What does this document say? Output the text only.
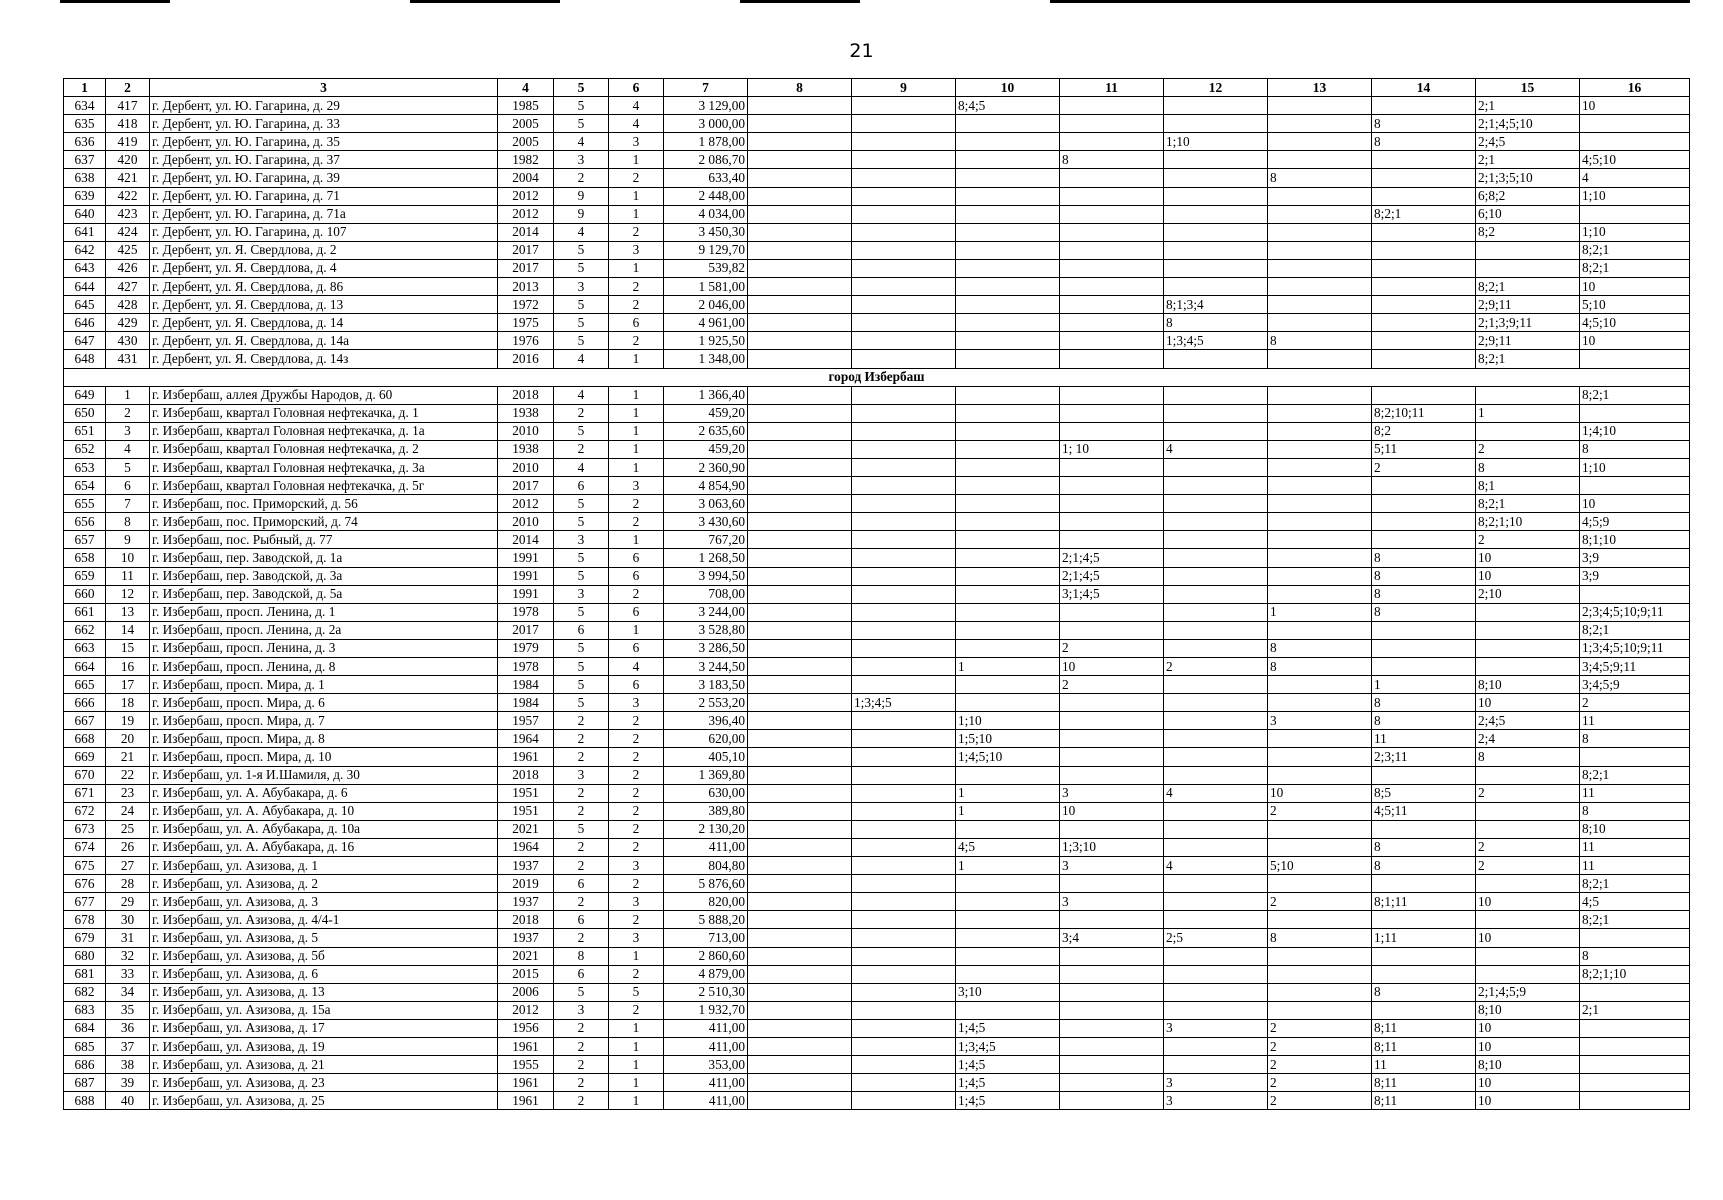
21
1	2	3	4	5	6	7	8	9	10	11	12	13	14	15	16
634	417	г. Дербент, ул. Ю. Гагарина, д. 29	1985	5	4	3 129,00			8;4;5					2;1	10
635	418	г. Дербент, ул. Ю. Гагарина, д. 33	2005	5	4	3 000,00							8	2;1;4;5;10	
636	419	г. Дербент, ул. Ю. Гагарина, д. 35	2005	4	3	1 878,00					1;10		8	2;4;5	
637	420	г. Дербент, ул. Ю. Гагарина, д. 37	1982	3	1	2 086,70				8				2;1	4;5;10
638	421	г. Дербент, ул. Ю. Гагарина, д. 39	2004	2	2	633,40						8		2;1;3;5;10	4
639	422	г. Дербент, ул. Ю. Гагарина, д. 71	2012	9	1	2 448,00								6;8;2	1;10
640	423	г. Дербент, ул. Ю. Гагарина, д. 71а	2012	9	1	4 034,00							8;2;1	6;10	
641	424	г. Дербент, ул. Ю. Гагарина, д. 107	2014	4	2	3 450,30								8;2	1;10
642	425	г. Дербент, ул. Я. Свердлова, д. 2	2017	5	3	9 129,70									8;2;1
643	426	г. Дербент, ул. Я. Свердлова, д. 4	2017	5	1	539,82									8;2;1
644	427	г. Дербент, ул. Я. Свердлова, д. 86	2013	3	2	1 581,00								8;2;1	10
645	428	г. Дербент, ул. Я. Свердлова, д. 13	1972	5	2	2 046,00					8;1;3;4			2;9;11	5;10
646	429	г. Дербент, ул. Я. Свердлова, д. 14	1975	5	6	4 961,00					8			2;1;3;9;11	4;5;10
647	430	г. Дербент, ул. Я. Свердлова, д. 14а	1976	5	2	1 925,50					1;3;4;5	8		2;9;11	10
648	431	г. Дербент, ул. Я. Свердлова, д. 14з	2016	4	1	1 348,00								8;2;1	
город Избербаш															
649	1	г. Избербаш, аллея Дружбы Народов, д. 60	2018	4	1	1 366,40									8;2;1
650	2	г. Избербаш, квартал Головная нефтекачка, д. 1	1938	2	1	459,20							8;2;10;11	1	
651	3	г. Избербаш, квартал Головная нефтекачка, д. 1а	2010	5	1	2 635,60							8;2		1;4;10
652	4	г. Избербаш, квартал Головная нефтекачка, д. 2	1938	2	1	459,20				1; 10	4		5;11	2	8
653	5	г. Избербаш, квартал Головная нефтекачка, д. 3а	2010	4	1	2 360,90							2	8	1;10
654	6	г. Избербаш, квартал Головная нефтекачка, д. 5г	2017	6	3	4 854,90								8;1	
655	7	г. Избербаш, пос. Приморский, д. 56	2012	5	2	3 063,60								8;2;1	10
656	8	г. Избербаш, пос. Приморский, д. 74	2010	5	2	3 430,60								8;2;1;10	4;5;9
657	9	г. Избербаш, пос. Рыбный, д. 77	2014	3	1	767,20								2	8;1;10
658	10	г. Избербаш, пер. Заводской, д. 1а	1991	5	6	1 268,50				2;1;4;5			8	10	3;9
659	11	г. Избербаш, пер. Заводской, д. 3а	1991	5	6	3 994,50				2;1;4;5			8	10	3;9
660	12	г. Избербаш, пер. Заводской, д. 5а	1991	3	2	708,00				3;1;4;5			8	2;10	
661	13	г. Избербаш, просп. Ленина, д. 1	1978	5	6	3 244,00						1	8		2;3;4;5;10;9;11
662	14	г. Избербаш, просп. Ленина, д. 2а	2017	6	1	3 528,80									8;2;1
663	15	г. Избербаш, просп. Ленина, д. 3	1979	5	6	3 286,50				2		8			1;3;4;5;10;9;11
664	16	г. Избербаш, просп. Ленина, д. 8	1978	5	4	3 244,50			1	10	2	8			3;4;5;9;11
665	17	г. Избербаш, просп. Мира, д. 1	1984	5	6	3 183,50				2			1	8;10	3;4;5;9
666	18	г. Избербаш, просп. Мира, д. 6	1984	5	3	2 553,20		1;3;4;5					8	10	2
667	19	г. Избербаш, просп. Мира, д. 7	1957	2	2	396,40			1;10			3	8	2;4;5	11
668	20	г. Избербаш, просп. Мира, д. 8	1964	2	2	620,00			1;5;10				11	2;4	8
669	21	г. Избербаш, просп. Мира, д. 10	1961	2	2	405,10			1;4;5;10				2;3;11	8	
670	22	г. Избербаш, ул. 1-я И.Шамиля, д. 30	2018	3	2	1 369,80									8;2;1
671	23	г. Избербаш, ул. А. Абубакара, д. 6	1951	2	2	630,00			1	3	4	10	8;5	2	11
672	24	г. Избербаш, ул. А. Абубакара, д. 10	1951	2	2	389,80			1	10		2	4;5;11		8
673	25	г. Избербаш, ул. А. Абубакара, д. 10а	2021	5	2	2 130,20									8;10
674	26	г. Избербаш, ул. А. Абубакара, д. 16	1964	2	2	411,00			4;5	1;3;10			8	2	11
675	27	г. Избербаш, ул. Азизова, д. 1	1937	2	3	804,80			1	3	4	5;10	8	2	11
676	28	г. Избербаш, ул. Азизова, д. 2	2019	6	2	5 876,60									8;2;1
677	29	г. Избербаш, ул. Азизова, д. 3	1937	2	3	820,00				3		2	8;1;11	10	4;5
678	30	г. Избербаш, ул. Азизова, д. 4/4-1	2018	6	2	5 888,20									8;2;1
679	31	г. Избербаш, ул. Азизова, д. 5	1937	2	3	713,00				3;4	2;5	8	1;11	10	
680	32	г. Избербаш, ул. Азизова, д. 5б	2021	8	1	2 860,60									8
681	33	г. Избербаш, ул. Азизова, д. 6	2015	6	2	4 879,00									8;2;1;10
682	34	г. Избербаш, ул. Азизова, д. 13	2006	5	5	2 510,30			3;10				8	2;1;4;5;9	
683	35	г. Избербаш, ул. Азизова, д. 15а	2012	3	2	1 932,70								8;10	2;1
684	36	г. Избербаш, ул. Азизова, д. 17	1956	2	1	411,00			1;4;5		3	2	8;11	10	
685	37	г. Избербаш, ул. Азизова, д. 19	1961	2	1	411,00			1;3;4;5			2	8;11	10	
686	38	г. Избербаш, ул. Азизова, д. 21	1955	2	1	353,00			1;4;5			2	11	8;10	
687	39	г. Избербаш, ул. Азизова, д. 23	1961	2	1	411,00			1;4;5		3	2	8;11	10	
688	40	г. Избербаш, ул. Азизова, д. 25	1961	2	1	411,00			1;4;5		3	2	8;11	10	
